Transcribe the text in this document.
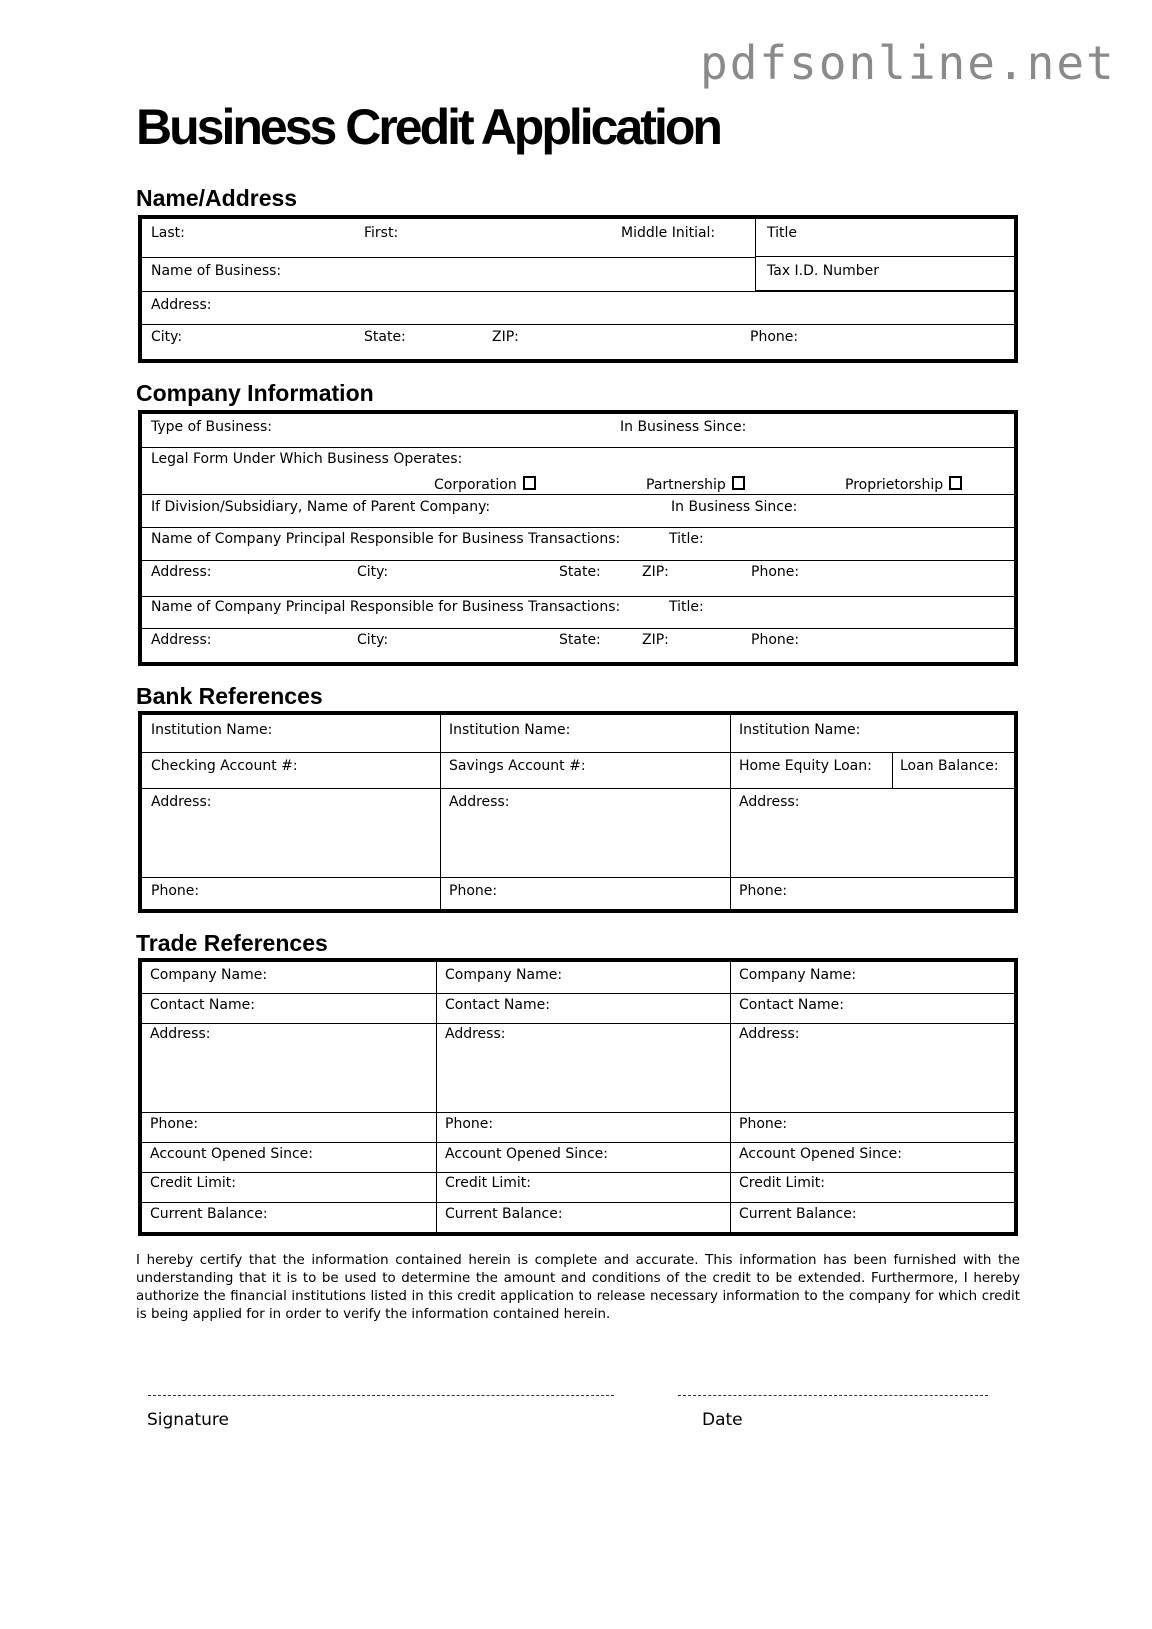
pdfsonline.net
Business Credit Application
Name/Address
Last:	First:	Middle Initial:	Title
Name of Business:	Tax I.D. Number
Address:
City:	State:	ZIP:	Phone:
Company Information
Type of Business:	In Business Since:
Legal Form Under Which Business Operates:
Corporation	Partnership	Proprietorship
If Division/Subsidiary, Name of Parent Company:	In Business Since:
Name of Company Principal Responsible for Business Transactions:	Title:
Address:	City:	State:	ZIP:	Phone:
Name of Company Principal Responsible for Business Transactions:	Title:
Address:	City:	State:	ZIP:	Phone:
Bank References
Institution Name:	Institution Name:	Institution Name:
Checking Account #:	Savings Account #:	Home Equity Loan: Loan Balance:
Address:	Address:	Address:
Phone:	Phone:	Phone:
Trade References
Company Name:	Company Name:	Company Name:
Contact Name:	Contact Name:	Contact Name:
Address:	Address:	Address:
Phone:	Phone:	Phone:
Account Opened Since:	Account Opened Since:	Account Opened Since:
Credit Limit:	Credit Limit:	Credit Limit:
Current Balance:	Current Balance:	Current Balance:
I hereby certify that the information contained herein is complete and accurate. This information has been furnished with the understanding that it is to be used to determine the amount and conditions of the credit to be extended. Furthermore, I hereby authorize the financial institutions listed in this credit application to release necessary information to the company for which credit is being applied for in order to verify the information contained herein.
Signature	Date
